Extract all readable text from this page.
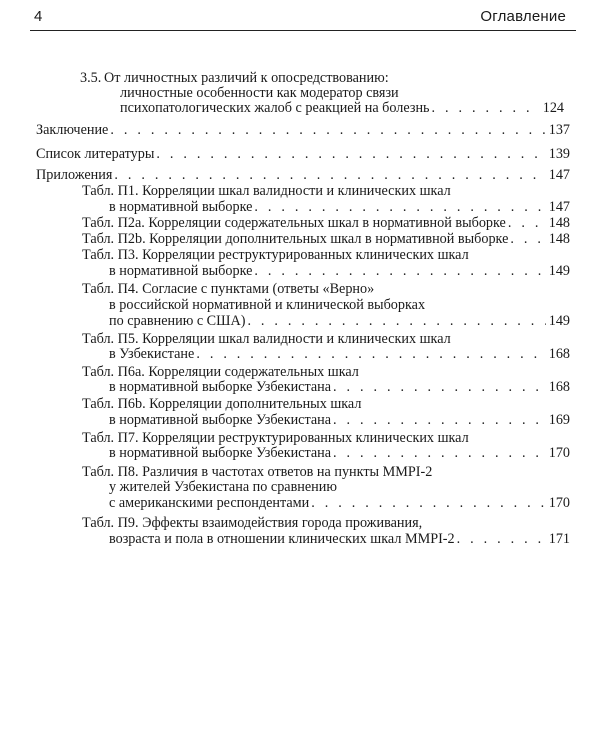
4	Оглавление
3.5. От личностных различий к опосредствованию:
личностные особенности как модератор связи
психопатологических жалоб с реакцией на болезнь . . .	124
Заключение . . .	137
Список литературы . . .	139
Приложения . . .	147
Табл. П1. Корреляции шкал валидности и клинических шкал
в нормативной выборке . . .	147
Табл. П2а. Корреляции содержательных шкал в нормативной выборке . . .	148
Табл. П2b. Корреляции дополнительных шкал в нормативной выборке . . .	148
Табл. П3. Корреляции реструктурированных клинических шкал
в нормативной выборке . . .	149
Табл. П4. Согласие с пунктами (ответы «Верно»
в российской нормативной и клинической выборках
по сравнению с США) . . .	149
Табл. П5. Корреляции шкал валидности и клинических шкал
в Узбекистане . . .	168
Табл. П6а. Корреляции содержательных шкал
в нормативной выборке Узбекистана . . .	168
Табл. П6b. Корреляции дополнительных шкал
в нормативной выборке Узбекистана . . .	169
Табл. П7. Корреляции реструктурированных клинических шкал
в нормативной выборке Узбекистана . . .	170
Табл. П8. Различия в частотах ответов на пункты MMPI-2
у жителей Узбекистана по сравнению
с американскими респондентами . . .	170
Табл. П9. Эффекты взаимодействия города проживания,
возраста и пола в отношении клинических шкал MMPI-2 . . .	171
